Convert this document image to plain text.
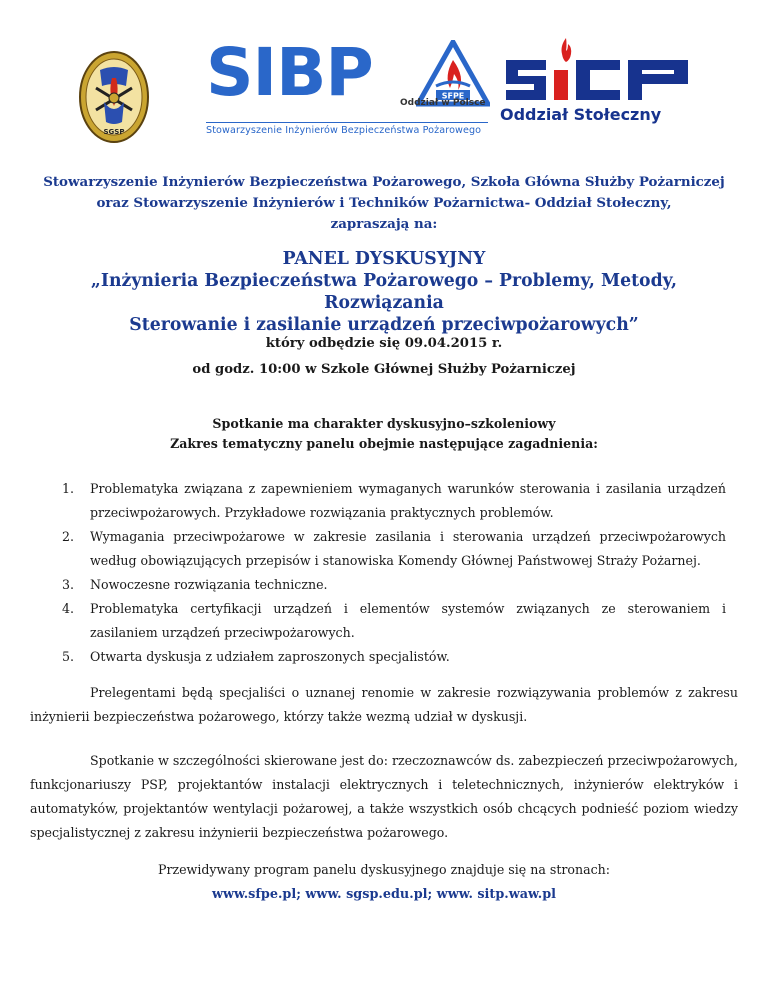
SGSP
SIBP	SFPE
Oddział w Polsce
Stowarzyszenie Inżynierów Bezpieczeństwa Pożarowego
Oddział Stołeczny
Stowarzyszenie Inżynierów Bezpieczeństwa Pożarowego, Szkoła Główna Służby Pożarniczej
oraz Stowarzyszenie Inżynierów i Techników Pożarnictwa- Oddział Stołeczny,
zapraszają na:
PANEL DYSKUSYJNY
„Inżynieria Bezpieczeństwa Pożarowego – Problemy, Metody, Rozwiązania
Sterowanie i zasilanie urządzeń przeciwpożarowych”
który odbędzie się 09.04.2015 r.
od godz. 10:00 w Szkole Głównej Służby Pożarniczej
Spotkanie ma charakter dyskusyjno–szkoleniowy
Zakres tematyczny panelu obejmie następujące zagadnienia:
1. Problematyka związana z zapewnieniem wymaganych warunków sterowania i zasilania urządzeń przeciwpożarowych. Przykładowe rozwiązania praktycznych problemów.
2. Wymagania przeciwpożarowe w zakresie zasilania i sterowania urządzeń przeciwpożarowych według obowiązujących przepisów i stanowiska Komendy Głównej Państwowej Straży Pożarnej.
3. Nowoczesne rozwiązania techniczne.
4. Problematyka certyfikacji urządzeń i elementów systemów związanych ze sterowaniem i zasilaniem urządzeń przeciwpożarowych.
5. Otwarta dyskusja z udziałem zaproszonych specjalistów.
Prelegentami będą specjaliści o uznanej renomie w zakresie rozwiązywania problemów z zakresu inżynierii bezpieczeństwa pożarowego, którzy także wezmą udział w dyskusji.
Spotkanie w szczególności skierowane jest do: rzeczoznawców ds. zabezpieczeń przeciwpożarowych, funkcjonariuszy PSP, projektantów instalacji elektrycznych i teletechnicznych, inżynierów elektryków i automatyków, projektantów wentylacji pożarowej, a także wszystkich osób chcących podnieść poziom wiedzy specjalistycznej z zakresu inżynierii bezpieczeństwa pożarowego.
Przewidywany program panelu dyskusyjnego znajduje się na stronach:
www.sfpe.pl; www. sgsp.edu.pl; www. sitp.waw.pl
